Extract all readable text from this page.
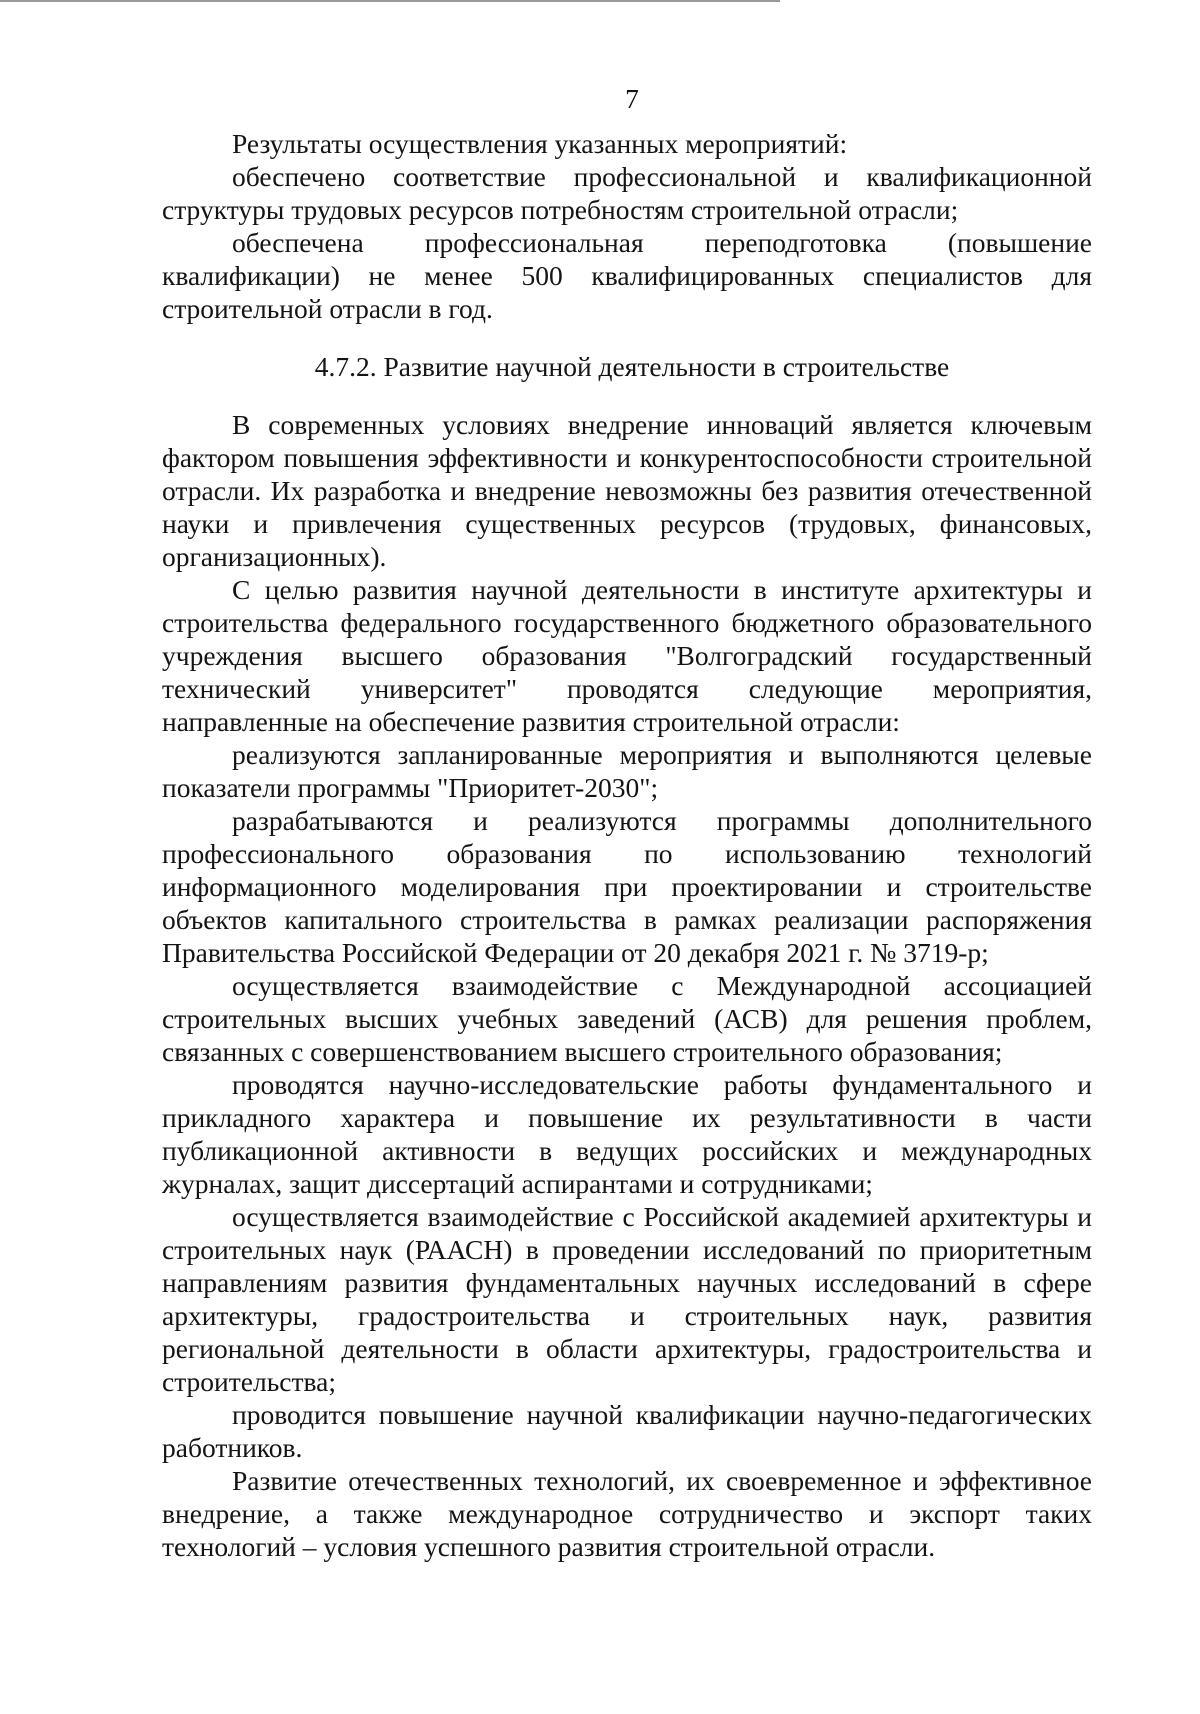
7

Результаты осуществления указанных мероприятий:

обеспечено соответствие профессиональной и квалификационной структуры трудовых ресурсов потребностям строительной отрасли;

обеспечена профессиональная переподготовка (повышение квалификации) не менее 500 квалифицированных специалистов для строительной отрасли в год.

4.7.2. Развитие научной деятельности в строительстве

В современных условиях внедрение инноваций является ключевым фактором повышения эффективности и конкурентоспособности строительной отрасли. Их разработка и внедрение невозможны без развития отечественной науки и привлечения существенных ресурсов (трудовых, финансовых, организационных).

С целью развития научной деятельности в институте архитектуры и строительства федерального государственного бюджетного образовательного учреждения высшего образования "Волгоградский государственный технический университет" проводятся следующие мероприятия, направленные на обеспечение развития строительной отрасли:

реализуются запланированные мероприятия и выполняются целевые показатели программы "Приоритет-2030";

разрабатываются и реализуются программы дополнительного профессионального образования по использованию технологий информационного моделирования при проектировании и строительстве объектов капитального строительства в рамках реализации распоряжения Правительства Российской Федерации от 20 декабря 2021 г. № 3719-р;

осуществляется взаимодействие с Международной ассоциацией строительных высших учебных заведений (АСВ) для решения проблем, связанных с совершенствованием высшего строительного образования;

проводятся научно-исследовательские работы фундаментального и прикладного характера и повышение их результативности в части публикационной активности в ведущих российских и международных журналах, защит диссертаций аспирантами и сотрудниками;

осуществляется взаимодействие с Российской академией архитектуры и строительных наук (РААСН) в проведении исследований по приоритетным направлениям развития фундаментальных научных исследований в сфере архитектуры, градостроительства и строительных наук, развития региональной деятельности в области архитектуры, градостроительства и строительства;

проводится повышение научной квалификации научно-педагогических работников.

Развитие отечественных технологий, их своевременное и эффективное внедрение, а также международное сотрудничество и экспорт таких технологий – условия успешного развития строительной отрасли.
